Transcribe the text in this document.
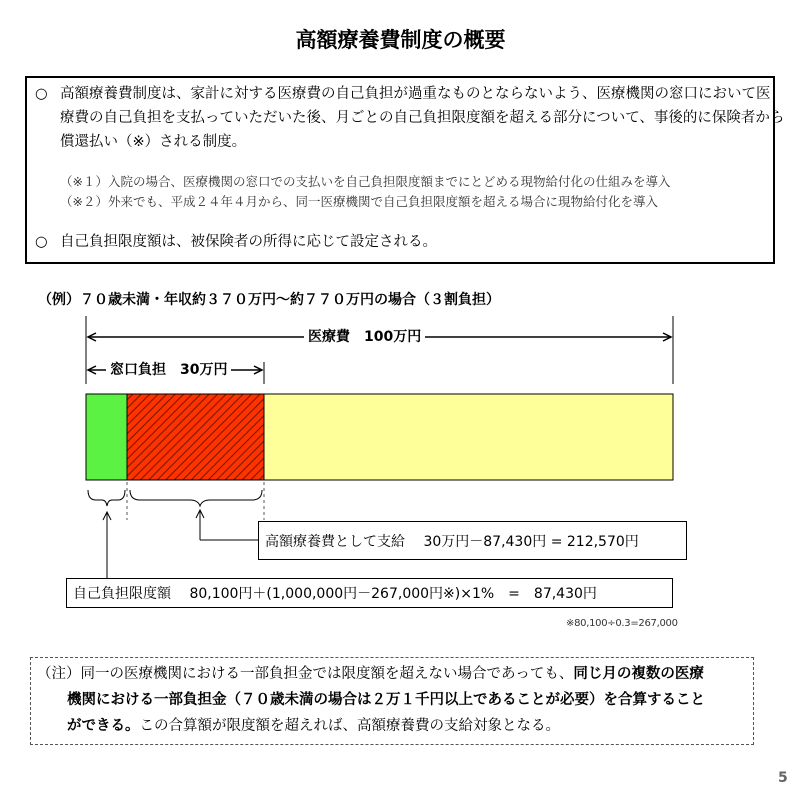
高額療養費制度の概要
○ 高額療養費制度は、家計に対する医療費の自己負担が過重なものとならないよう、医療機関の窓口において医
療費の自己負担を支払っていただいた後、月ごとの自己負担限度額を超える部分について、事後的に保険者から
償還払い（※）される制度。
（※１）入院の場合、医療機関の窓口での支払いを自己負担限度額までにとどめる現物給付化の仕組みを導入
（※２）外来でも、平成２４年４月から、同一医療機関で自己負担限度額を超える場合に現物給付化を導入
○ 自己負担限度額は、被保険者の所得に応じて設定される。
（例）７０歳未満・年収約３７０万円～約７７０万円の場合（３割負担）
医療費　100万円
窓口負担　30万円
高額療養費として支給　 30万円－87,430円 = 212,570円
自己負担限度額　 80,100円＋(1,000,000円－267,000円※)×1%　=　87,430円
※80,100÷0.3=267,000
（注）同一の医療機関における一部負担金では限度額を超えない場合であっても、同じ月の複数の医療
機関における一部負担金（７０歳未満の場合は２万１千円以上であることが必要）を合算すること
ができる。この合算額が限度額を超えれば、高額療養費の支給対象となる。
5
